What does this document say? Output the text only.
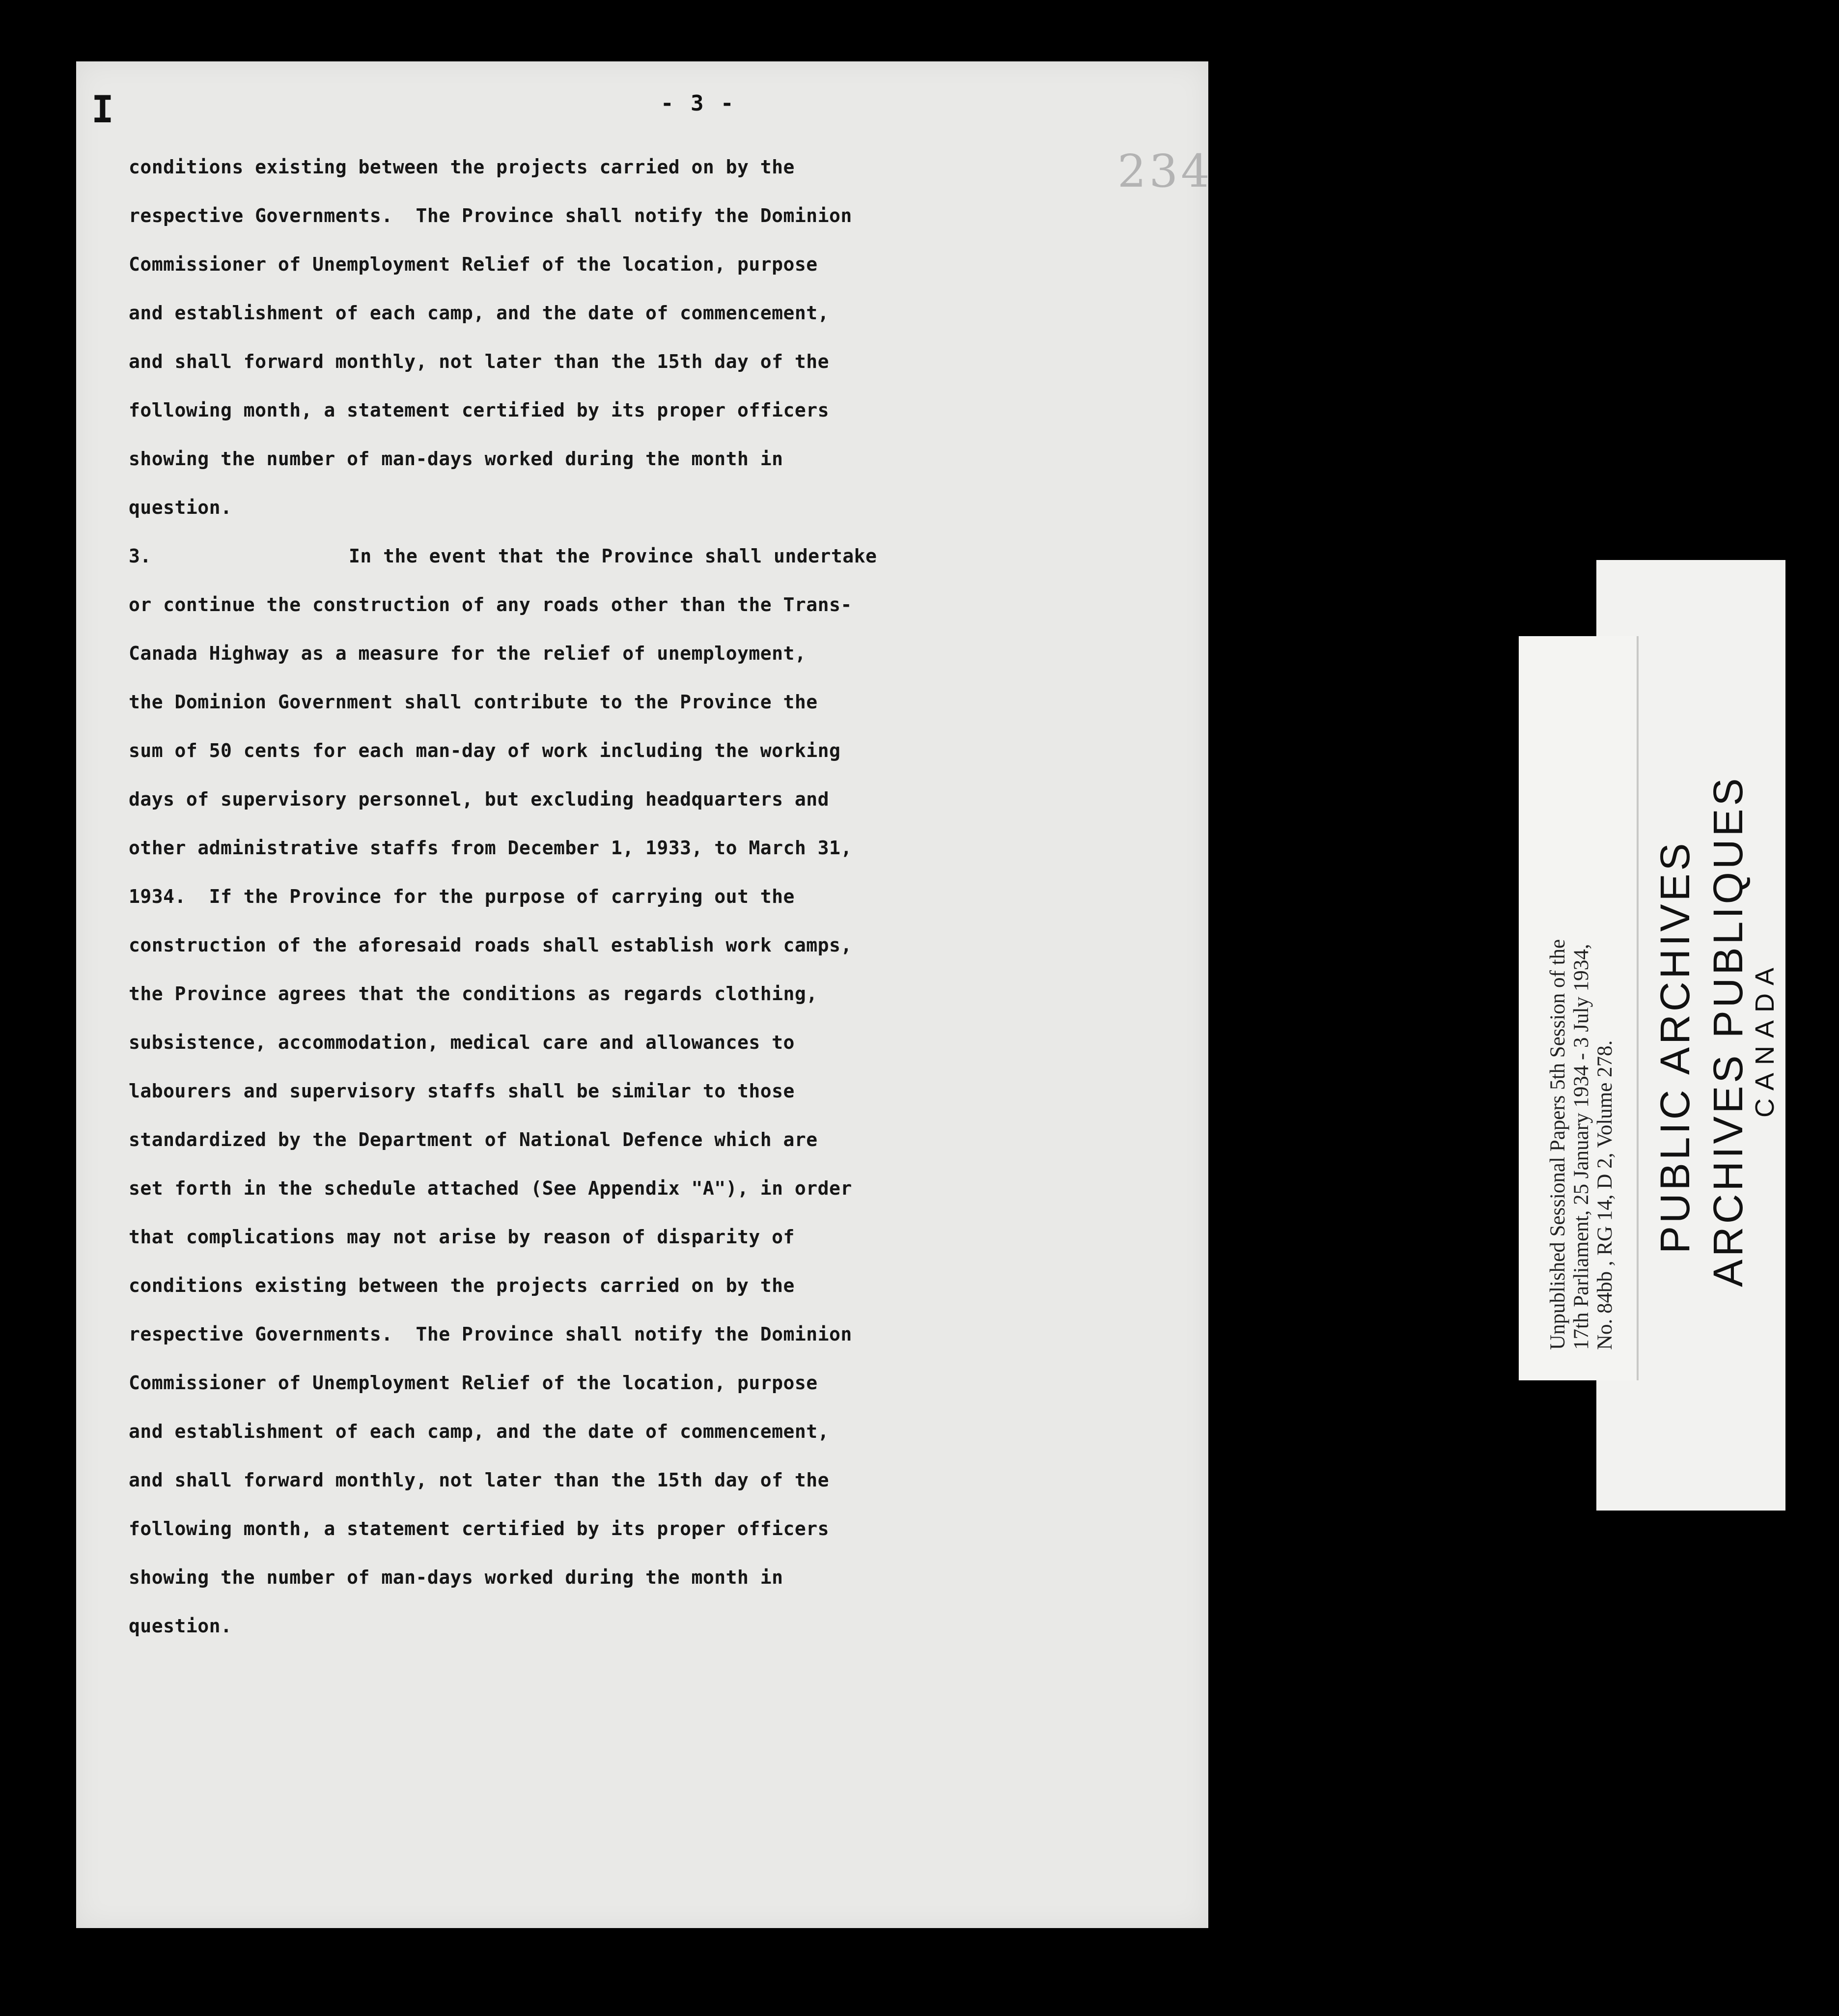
- 3 -
234
I
conditions existing between the projects carried on by the
respective Governments.  The Province shall notify the Dominion
Commissioner of Unemployment Relief of the location, purpose
and establishment of each camp, and the date of commencement,
and shall forward monthly, not later than the 15th day of the
following month, a statement certified by its proper officers
showing the number of man-days worked during the month in
question.
3.	In the event that the Province shall undertake
or continue the construction of any roads other than the Trans-
Canada Highway as a measure for the relief of unemployment,
the Dominion Government shall contribute to the Province the
sum of 50 cents for each man-day of work including the working
days of supervisory personnel, but excluding headquarters and
other administrative staffs from December 1, 1933, to March 31,
1934.  If the Province for the purpose of carrying out the
construction of the aforesaid roads shall establish work camps,
the Province agrees that the conditions as regards clothing,
subsistence, accommodation, medical care and allowances to
labourers and supervisory staffs shall be similar to those
standardized by the Department of National Defence which are
set forth in the schedule attached (See Appendix "A"), in order
that complications may not arise by reason of disparity of
conditions existing between the projects carried on by the
respective Governments.  The Province shall notify the Dominion
Commissioner of Unemployment Relief of the location, purpose
and establishment of each camp, and the date of commencement,
and shall forward monthly, not later than the 15th day of the
following month, a statement certified by its proper officers
showing the number of man-days worked during the month in
question.
Unpublished Sessional Papers 5th Session of the 17th Parliament, 25 January 1934 - 3 July 1934, No. 84bb , RG 14, D 2, Volume 278. PUBLIC ARCHIVES ARCHIVES PUBLIQUES
CANADA
